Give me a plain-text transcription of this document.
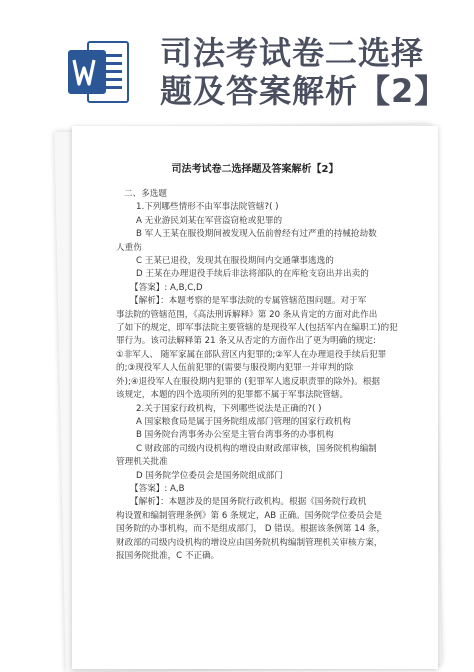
司法考试卷二选择
题及答案解析【2】
司法考试卷二选择题及答案解析【2】

二、多选题

1.下列哪些情形不由军事法院管辖?( )

A 无业游民刘某在军营盗窃枪或犯罪的

B 军人王某在服役期间被发现入伍前曾经有过严重的持械抢劫数

人重伤

C 王某已退役，发现其在服役期间内交通肇事逃逸的

D 王某在办理退役手续后非法将部队的在库枪支窃出并出卖的

【答案】: A,B,C,D

【解析】：本题考察的是军事法院的专属管辖范围问题。对于军

事法院的管辖范围，《高法刑诉解释》第 20 条从肯定的方面对此作出

了如下的规定，即军事法院主要管辖的是现役军人(包括军内在编职工)的犯

罪行为。该司法解释第 21 条又从否定的方面作出了更为明确的规定:

①非军人、 随军家属在部队营区内犯罪的;②军人在办理退役手续后犯罪

的;③现役军人人伍前犯罪的(需要与服役期内犯罪一并审判的除

外);④退役军人在服役期内犯罪的 (犯罪军人逃反职责罪的除外)。根据

该规定，本题的四个选项所列的犯罪都不属于军事法院管辖。

2.关于国家行政机构，下列哪些说法是正确的?( )

A 国家粮食局是属于国务院组成部门管理的国家行政机构

B 国务院台湾事务办公室是主管台湾事务的办事机构

C 财政部的司级内设机构的增设由财政部审核，国务院机构编制

管理机关批准

D 国务院学位委员会是国务院组成部门

【答案】: A,B

【解析】：本题涉及的是国务院行政机构。根据《国务院行政机

构设置和编制管理条例》第 6 条规定，AB 正确。国务院学位委员会是

国务院的办事机构，而不是组成部门， D 错误。根据该条例第 14 条，

财政部的司级内设机构的增设应由国务院机构编制管理机关审核方案，

报国务院批准，C 不正确。
